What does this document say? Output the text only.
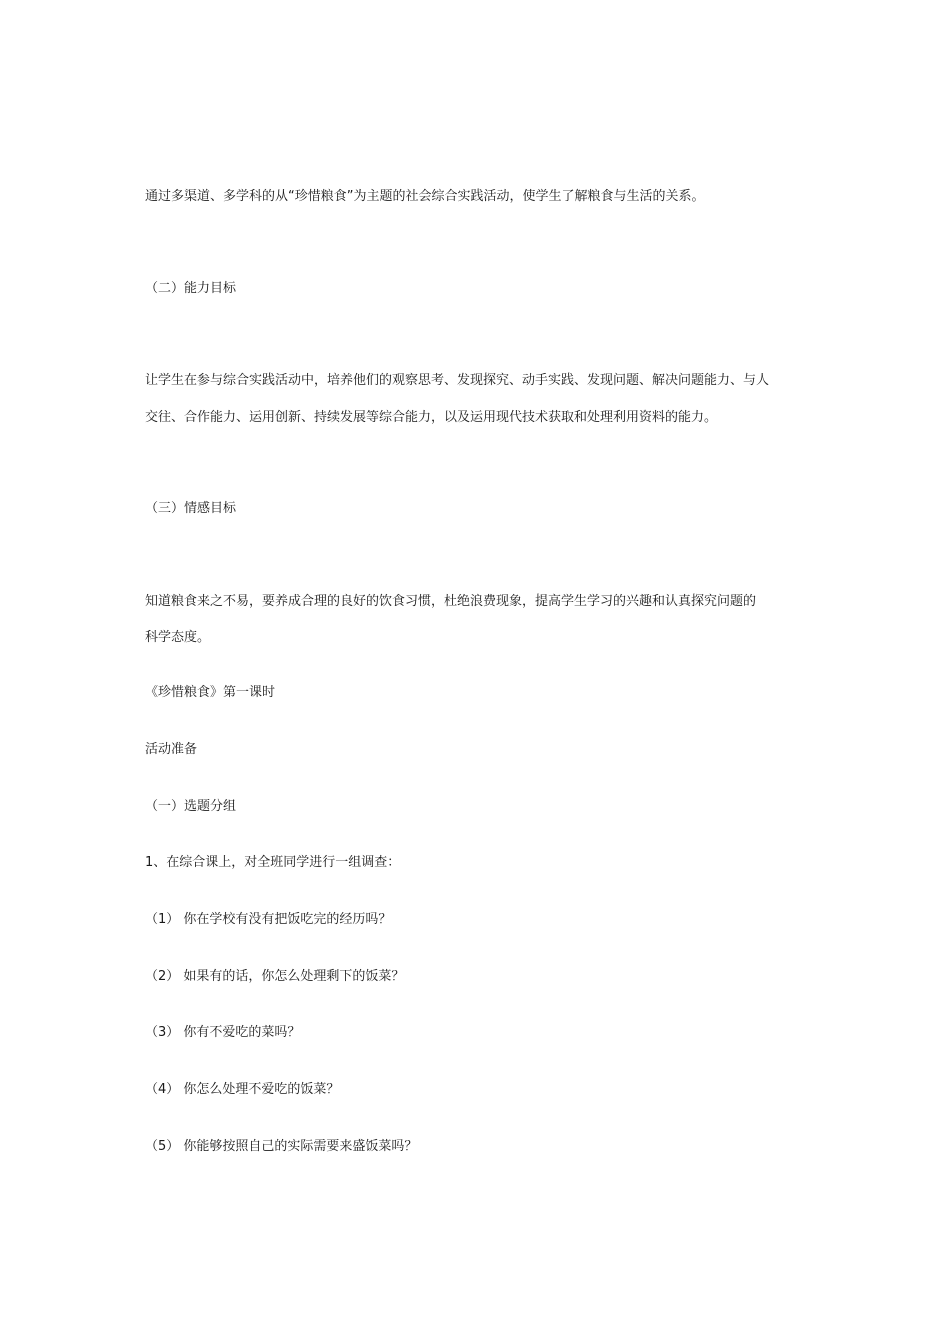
通过多渠道、多学科的从“珍惜粮食”为主题的社会综合实践活动，使学生了解粮食与生活的关系。
（二）能力目标
让学生在参与综合实践活动中，培养他们的观察思考、发现探究、动手实践、发现问题、解决问题能力、与人
交往、合作能力、运用创新、持续发展等综合能力，以及运用现代技术获取和处理利用资料的能力。
（三）情感目标
知道粮食来之不易，要养成合理的良好的饮食习惯，杜绝浪费现象，提高学生学习的兴趣和认真探究问题的
科学态度。
《珍惜粮食》第一课时
活动准备
（一）选题分组
1、在综合课上，对全班同学进行一组调查：
（1） 你在学校有没有把饭吃完的经历吗？
（2） 如果有的话，你怎么处理剩下的饭菜？
（3） 你有不爱吃的菜吗？
（4） 你怎么处理不爱吃的饭菜？
（5） 你能够按照自己的实际需要来盛饭菜吗？
